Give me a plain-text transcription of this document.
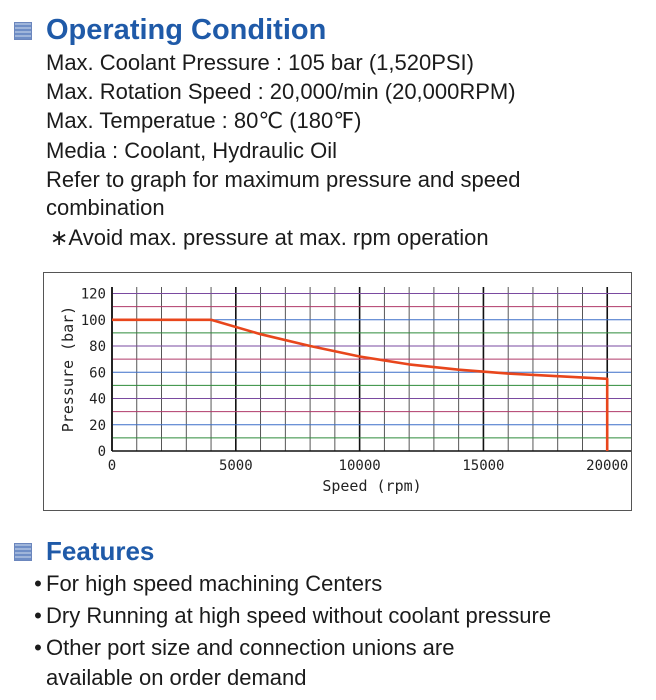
Operating Condition
Max. Coolant Pressure : 105 bar (1,520PSI)
Max. Rotation Speed : 20,000/min (20,000RPM)
Max. Temperatue : 80℃ (180℉)
Media : Coolant, Hydraulic Oil
Refer to graph for maximum pressure and speed
combination
∗Avoid max. pressure at max. rpm operation
0
20
40
60
80
100
120
0	5000	10000	15000	20000
Speed (rpm)
Pressure (bar)
Features
• For high speed machining Centers
• Dry Running at high speed without coolant pressure
• Other port size and connection unions are
available on order demand
